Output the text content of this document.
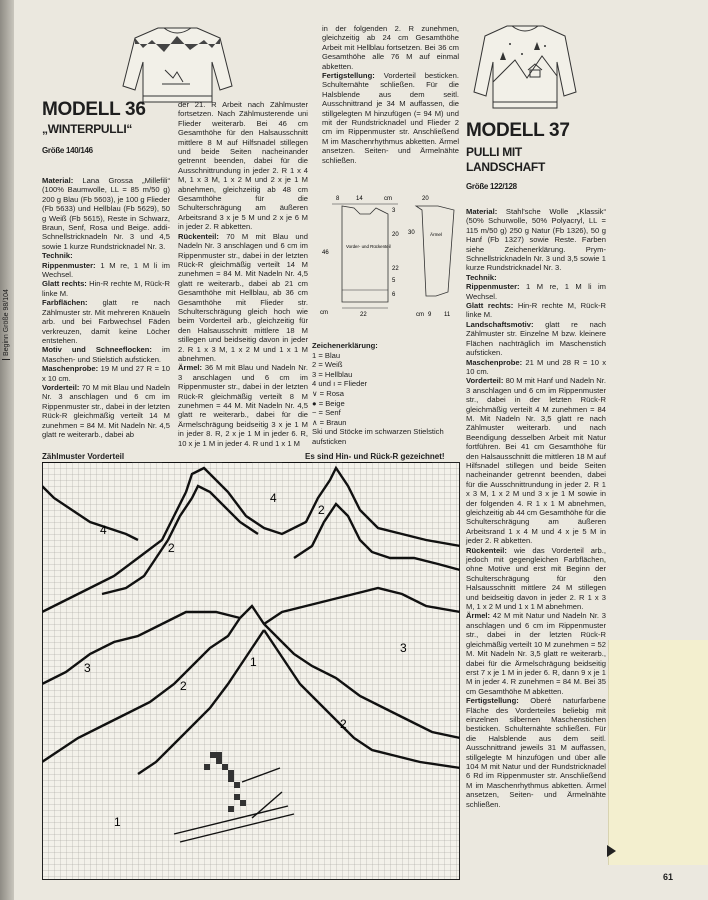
Beginn Größe 98/104
MODELL 36
„WINTERPULLI“
Größe 140/146

Material: Lana Grossa „Millefili“ (100% Baumwolle, LL = 85 m/50 g) 200 g Blau (Fb 5603), je 100 g Flieder (Fb 5633) und Hellblau (Fb 5629), 50 g Weiß (Fb 5615), Reste in Schwarz, Braun, Senf, Rosa und Beige. addi-Schnellstricknadeln Nr. 3 und 4,5 sowie 1 kurze Rundstricknadel Nr. 3.

Technik:

Rippenmuster: 1 M re, 1 M li im Wechsel.

Glatt rechts: Hin-R rechte M, Rück-R linke M.

Farbflächen: glatt re nach Zählmuster str. Mit mehreren Knäueln arb. und bei Farbwechsel Fäden verkreuzen, damit keine Löcher entstehen.

Motiv und Schneeflocken: im Maschen- und Stielstich aufsticken.

Maschenprobe: 19 M und 27 R = 10 x 10 cm.

Vorderteil: 70 M mit Blau und Nadeln Nr. 3 anschlagen und 6 cm im Rippenmuster str., dabei in der letzten Rück-R gleichmäßig verteilt 14 M zunehmen = 84 M. Mit Nadeln Nr. 4,5 glatt re weiterarb., dabei ab

der 21. R Arbeit nach Zählmuster fortsetzen. Nach Zählmusterende uni Flieder weiterarb. Bei 46 cm Gesamthöhe für den Halsausschnitt mittlere 8 M auf Hilfsnadel stillegen und beide Seiten nacheinander getrennt beenden, dabei für die Ausschnittrundung in jeder 2. R 1 x 4 M, 1 x 3 M, 1 x 2 M und 2 x je 1 M abnehmen, gleichzeitig ab 48 cm Gesamthöhe für die Schulterschrägung am äußeren Arbeitsrand 3 x je 5 M und 2 x je 6 M in jeder 2. R abketten.

Rückenteil: 70 M mit Blau und Nadeln Nr. 3 anschlagen und 6 cm im Rippenmuster str., dabei in der letzten Rück-R gleichmäßig verteilt 14 M zunehmen = 84 M. Mit Nadeln Nr. 4,5 glatt re weiterarb., dabei ab 21 cm Gesamthöhe mit Hellblau, ab 36 cm Gesamthöhe mit Flieder str. Schulterschrägung gleich hoch wie beim Vorderteil arb., gleichzeitig für den Halsausschnitt mittlere 18 M stillegen und beidseitig davon in jeder 2. R 1 x 3 M, 1 x 2 M und 1 x 1 M abnehmen.

Ärmel: 36 M mit Blau und Nadeln Nr. 3 anschlagen und 6 cm im Rippenmuster str., dabei in der letzten Rück-R gleichmäßig verteilt 8 M zunehmen = 44 M. Mit Nadeln Nr. 4,5 glatt re weiterarb., dabei für die Ärmelschrägung beidseitig 3 x je 1 M in jeder 8. R, 2 x je 1 M in jeder 6. R, 10 x je 1 M in jeder 4. R und 1 x 1 M

in der folgenden 2. R zunehmen, gleichzeitig ab 24 cm Gesamthöhe Arbeit mit Hellblau fortsetzen. Bei 36 cm Gesamthöhe alle 76 M auf einmal abketten.

Fertigstellung: Vorderteil besticken. Schulternähte schließen. Für die Halsblende aus dem seitl. Ausschnittrand je 34 M auffassen, die stillgelegten M hinzufügen (= 94 M) und mit der Rundstricknadel und Flieder 2 cm im Rippenmuster str. Anschließend M im Maschenrhythmus abketten. Ärmel ansetzen. Seiten- und Ärmelnähte schließen.

MODELL 37
PULLI MIT
LANDSCHAFT
Größe 122/128

Material: Stahl'sche Wolle „Klassik“ (50% Schurwolle, 50% Polyacryl, LL = 115 m/50 g) 250 g Natur (Fb 1326), 50 g Hanf (Fb 1327) sowie Reste. Farben siehe Zeichenerklärung. Prym-Schnellstricknadeln Nr. 3 und 3,5 sowie 1 kurze Rundstricknadel Nr. 3.

Technik:

Rippenmuster: 1 M re, 1 M li im Wechsel.

Glatt rechts: Hin-R rechte M, Rück-R linke M.

Landschaftsmotiv: glatt re nach Zählmuster str. Einzelne M bzw. kleinere Flächen nachträglich im Maschenstich aufsticken.

Maschenprobe: 21 M und 28 R = 10 x 10 cm.

Vorderteil: 80 M mit Hanf und Nadeln Nr. 3 anschlagen und 6 cm im Rippenmuster str., dabei in der letzten Rück-R gleichmäßig verteilt 4 M zunehmen = 84 M. Mit Nadeln Nr. 3,5 glatt re nach Zählmuster weiterarb. und nach Beendigung desselben Arbeit mit Natur fortführen. Bei 41 cm Gesamthöhe für den Halsausschnitt die mittleren 18 M auf Hilfsnadel stillegen und beide Seiten nacheinander getrennt beenden, dabei für die Ausschnittrundung in jeder 2. R 1 x 3 M, 1 x 2 M und 3 x je 1 M sowie in der folgenden 4. R 1 x 1 M abnehmen, gleichzeitig ab 44 cm Gesamthöhe für die Schulterschrägung am äußeren Arbeitsrand 1 x 4 M und 4 x je 5 M in jeder 2. R abketten.

Rückenteil: wie das Vorderteil arb., jedoch mit gegengleichen Farbflächen, ohne Motive und erst mit Beginn der Schulterschrägung für den Halsausschnitt mittlere 24 M stillegen und beidseitig davon in jeder 2. R 1 x 3 M, 1 x 2 M und 1 x 1 M abnehmen.

Ärmel: 42 M mit Natur und Nadeln Nr. 3 anschlagen und 6 cm im Rippenmuster str., dabei in der letzten Rück-R gleichmäßig verteilt 10 M zunehmen = 52 M. Mit Nadeln Nr. 3,5 glatt re weiterarb., dabei für die Ärmelschrägung beidseitig erst 7 x je 1 M in jeder 6. R, dann 9 x je 1 M in jeder 4. R zunehmen = 84 M. Bei 35 cm Gesamthöhe M abketten.

Fertigstellung: Oberé naturfarbene Fläche des Vorderteiles beliebig mit einzelnen silbernen Maschenstichen besticken. Schulternähte schließen. Für die Halsblende aus dem seitl. Ausschnittrand jeweils 31 M auffassen, stillgelegte M hinzufügen und über alle 104 M mit Natur und der Rundstricknadel 6 Rd im Rippenmuster str. Anschließend M im Maschenrhythmus abketten. Ärmel ansetzen, Seiten- und Ärmelnähte schließen.

8	14	cm	20
Vorder- und Rückenteil
46
cm
3
20 30
22
5
6
Ärmel
22	cm 9 11
Zeichenerklärung:
1 = Blau
2 = Weiß
3 = Hellblau
4 und ı = Flieder
∨ = Rosa
● = Beige
− = Senf
∧ = Braun
Ski und Stöcke im schwarzen Stielstich aufsticken
Zählmuster Vorderteil	Es sind Hin- und Rück-R gezeichnet!
4
2
4
2
3	1
2
3
2
1
61
